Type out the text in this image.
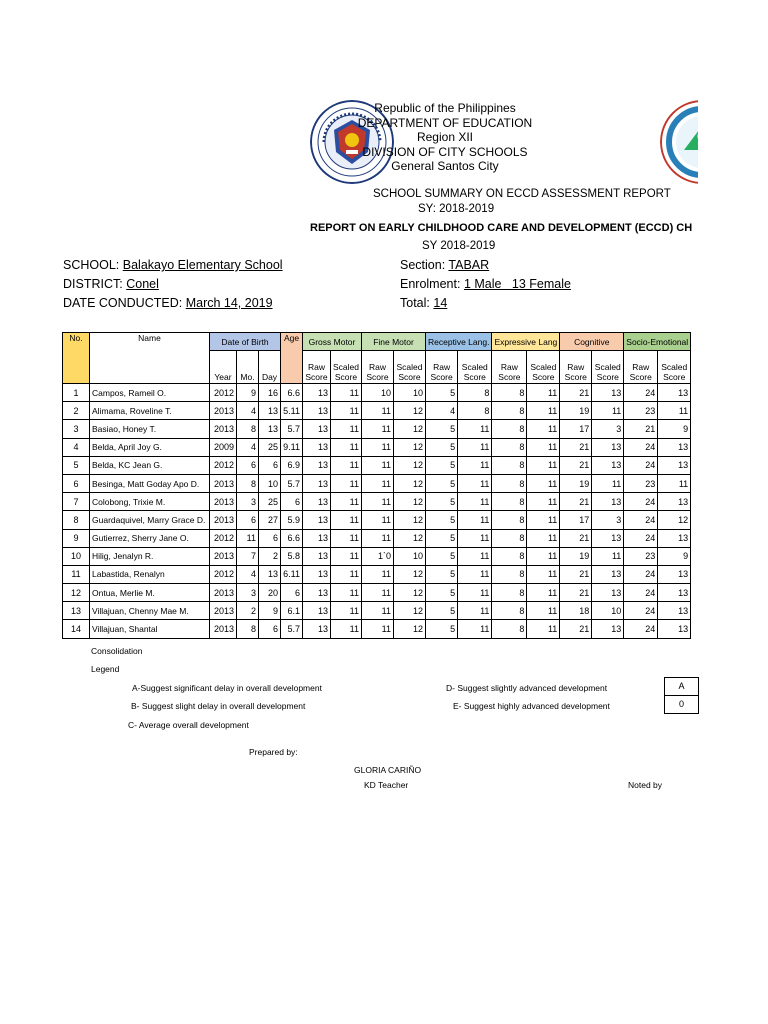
Republic of the Philippines
DEPARTMENT OF EDUCATION
Region XII
DIVISION OF CITY SCHOOLS
General Santos City
SCHOOL SUMMARY ON ECCD ASSESSMENT REPORT
SY: 2018-2019
REPORT ON EARLY CHILDHOOD CARE AND DEVELOPMENT (ECCD) CH
SY 2018-2019
SCHOOL: Balakayo Elementary School
DISTRICT: Conel
DATE CONDUCTED: March 14, 2019
Section: TABAR
Enrolment: 1 Male   13 Female
Total: 14
No.	Name	Date of Birth			Age	Gross Motor		Fine Motor		Receptive Lang.		Expressive Lang		Cognitive		Socio-Emotional	
		Year	Mo.	Day		Raw Score	Scaled Score	Raw Score	Scaled Score	Raw Score	Scaled Score	Raw Score	Scaled Score	Raw Score	Scaled Score	Raw Score	Scaled Score
1	Campos, Rameil O.	2012	9	16	6.6	13	11	10	10	5	8	8	11	21	13	24	13
2	Alimama, Roveline T.	2013	4	13	5.11	13	11	11	12	4	8	8	11	19	11	23	11
3	Basiao, Honey T.	2013	8	13	5.7	13	11	11	12	5	11	8	11	17	3	21	9
4	Belda, April Joy G.	2009	4	25	9.11	13	11	11	12	5	11	8	11	21	13	24	13
5	Belda, KC Jean G.	2012	6	6	6.9	13	11	11	12	5	11	8	11	21	13	24	13
6	Besinga, Matt Goday Apo D.	2013	8	10	5.7	13	11	11	12	5	11	8	11	19	11	23	11
7	Colobong, Trixie M.	2013	3	25	6	13	11	11	12	5	11	8	11	21	13	24	13
8	Guardaquivel, Marry Grace D.	2013	6	27	5.9	13	11	11	12	5	11	8	11	17	3	24	12
9	Gutierrez, Sherry Jane O.	2012	11	6	6.6	13	11	11	12	5	11	8	11	21	13	24	13
10	Hilig, Jenalyn R.	2013	7	2	5.8	13	11	1`0	10	5	11	8	11	19	11	23	9
11	Labastida, Renalyn	2012	4	13	6.11	13	11	11	12	5	11	8	11	21	13	24	13
12	Ontua, Merlie M.	2013	3	20	6	13	11	11	12	5	11	8	11	21	13	24	13
13	Villajuan, Chenny Mae M.	2013	2	9	6.1	13	11	11	12	5	11	8	11	18	10	24	13
14	Villajuan, Shantal	2013	8	6	5.7	13	11	11	12	5	11	8	11	21	13	24	13
Consolidation
Legend
A-Suggest significant delay in overall development
B- Suggest slight delay in overall development
C- Average overall development
D- Suggest slightly advanced development
E- Suggest highly advanced development
A
0
Prepared by:
GLORIA CARIÑO
KD Teacher	Noted by
